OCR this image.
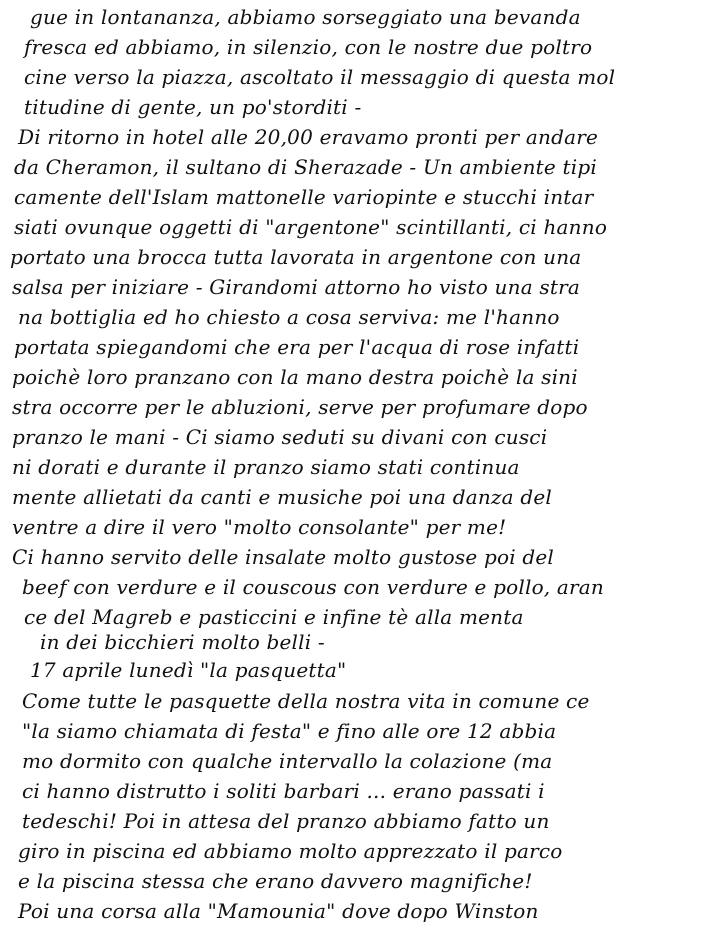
gue in lontananza, abbiamo sorseggiato una bevanda
fresca ed abbiamo, in silenzio, con le nostre due poltro
cine verso la piazza, ascoltato il messaggio di questa mol
titudine di gente, un po'storditi -
Di ritorno in hotel alle 20,00 eravamo pronti per andare
da Cheramon, il sultano di Sherazade - Un ambiente tipi
camente dell'Islam mattonelle variopinte e stucchi intar
siati ovunque oggetti di "argentone" scintillanti, ci hanno
portato una brocca tutta lavorata in argentone con una
salsa per iniziare - Girandomi attorno ho visto una stra
na bottiglia ed ho chiesto a cosa serviva: me l'hanno
portata spiegandomi che era per l'acqua di rose infatti
poichè loro pranzano con la mano destra poichè la sini
stra occorre per le abluzioni, serve per profumare dopo
pranzo le mani - Ci siamo seduti su divani con cusci
ni dorati e durante il pranzo siamo stati continua
mente allietati da canti e musiche poi una danza del
ventre a dire il vero "molto consolante" per me!
Ci hanno servito delle insalate molto gustose poi del
beef con verdure e il couscous con verdure e pollo, aran
ce del Magreb e pasticcini e infine tè alla menta
in dei bicchieri molto belli -
17 aprile lunedì "la pasquetta"
Come tutte le pasquette della nostra vita in comune ce
"la siamo chiamata di festa" e fino alle ore 12 abbia
mo dormito con qualche intervallo la colazione (ma
ci hanno distrutto i soliti barbari ... erano passati i
tedeschi! Poi in attesa del pranzo abbiamo fatto un
giro in piscina ed abbiamo molto apprezzato il parco
e la piscina stessa che erano davvero magnifiche!
Poi una corsa alla "Mamounia" dove dopo Winston
